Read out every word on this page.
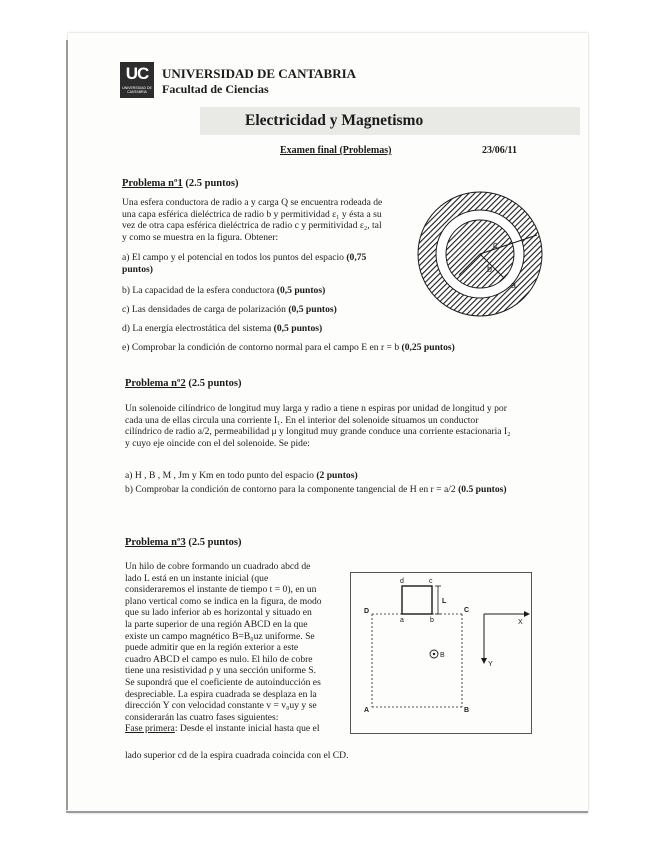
UC
UNIVERSIDAD DE CANTABRIA
UNIVERSIDAD DE CANTABRIA
Facultad de Ciencias
Electricidad y Magnetismo
Examen final (Problemas)	23/06/11
Problema nº1 (2.5 puntos)
Una esfera conductora de radio a y carga Q se encuentra rodeada de
una capa esférica dieléctrica de radio b y permitividad ε₁ y ésta a su
vez de otra capa esférica dieléctrica de radio c y permitividad ε₂, tal
y como se muestra en la figura. Obtener:
a) El campo y el potencial en todos los puntos del espacio (0,75
puntos)
b) La capacidad de la esfera conductora (0,5 puntos)
c) Las densidades de carga de polarización (0,5 puntos)
d) La energía electrostática del sistema (0,5 puntos)
e) Comprobar la condición de contorno normal para el campo E en r = b (0,25 puntos)
c
b
a
Problema nº2 (2.5 puntos)
Un solenoide cilíndrico de longitud muy larga y radio a tiene n espiras por unidad de longitud y por
cada una de ellas circula una corriente I₁. En el interior del solenoide situamos un conductor
cilíndrico de radio a/2, permeabilidad μ y longitud muy grande conduce una corriente estacionaria I₂
y cuyo eje oincide con el del solenoide. Se pide:
a) H , B , M , Jm y Km en todo punto del espacio (2 puntos)
b) Comprobar la condición de contorno para la componente tangencial de H en r = a/2 (0.5 puntos)
Problema nº3 (2.5 puntos)
Un hilo de cobre formando un cuadrado abcd de
lado L está en un instante inicial (que
consideraremos el instante de tiempo t = 0), en un
plano vertical como se indica en la figura, de modo
que su lado inferior ab es horizontal y situado en
la parte superior de una región ABCD en la que
existe un campo magnético B=B₀uz uniforme. Se
puede admitir que en la región exterior a este
cuadro ABCD el campo es nulo. El hilo de cobre
tiene una resistividad ρ y una sección uniforme S.
Se supondrá que el coeficiente de autoinducción es
despreciable. La espira cuadrada se desplaza en la
dirección Y con velocidad constante v = v₀uy y se
considerarán las cuatro fases siguientes:
Fase primera: Desde el instante inicial hasta que el
lado superior cd de la espira cuadrada coincida con el CD.
d	c
a	b
L
D	C
A	B
X
Y
B
